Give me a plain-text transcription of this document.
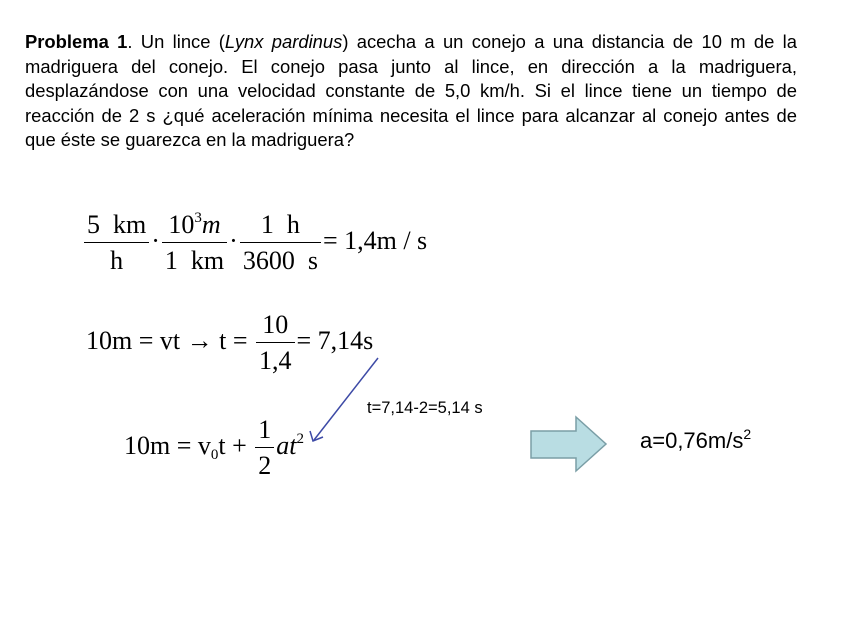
Problema 1. Un lince (Lynx pardinus) acecha a un conejo a una distancia de 10 m de la madriguera del conejo. El conejo pasa junto al lince, en dirección a la madriguera, desplazándose con una velocidad constante de 5,0 km/h. Si el lince tiene un tiempo de reacción de 2 s ¿qué aceleración mínima necesita el lince para alcanzar al conejo antes de que éste se guarezca en la madriguera?
$\frac{5 km}{h} \cdot \frac{10^3m}{1 km} \cdot \frac{1 h}{3600 s} = 1,4m / s$
10m = vt → $t = \frac{10}{1,4} = 7,14s$
$10m = v_0t + \frac{1}{2} at^2$
t=7,14-2=5,14 s
$a=0,76m/s^2$
